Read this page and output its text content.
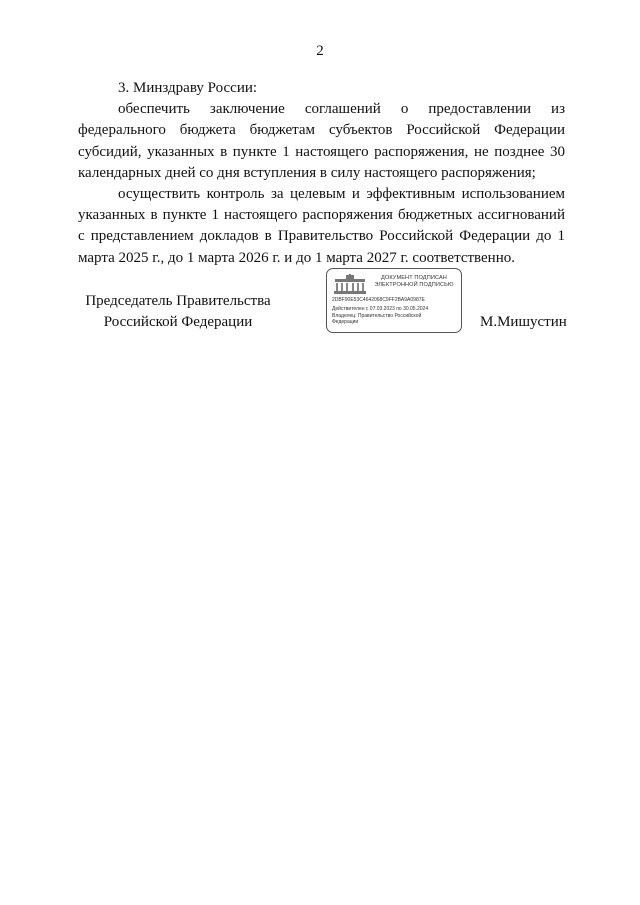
2

3. Минздраву России:

обеспечить заключение соглашений о предоставлении из федерального бюджета бюджетам субъектов Российской Федерации субсидий, указанных в пункте 1 настоящего распоряжения, не позднее 30 календарных дней со дня вступления в силу настоящего распоряжения;

осуществить контроль за целевым и эффективным использованием указанных в пункте 1 настоящего распоряжения бюджетных ассигнований с представлением докладов в Правительство Российской Федерации до 1 марта 2025 г., до 1 марта 2026 г. и до 1 марта 2027 г. соответственно.

Председатель Правительства
Российской Федерации
ДОКУМЕНТ ПОДПИСАН
ЭЛЕКТРОННОЙ ПОДПИСЬЮ
2DBF90E53C4642068C9FF2BA9A0987E
Действителен с 07.03.2023 по 30.05.2024
Владелец: Правительство Российской
Федерации	М.Мишустин
